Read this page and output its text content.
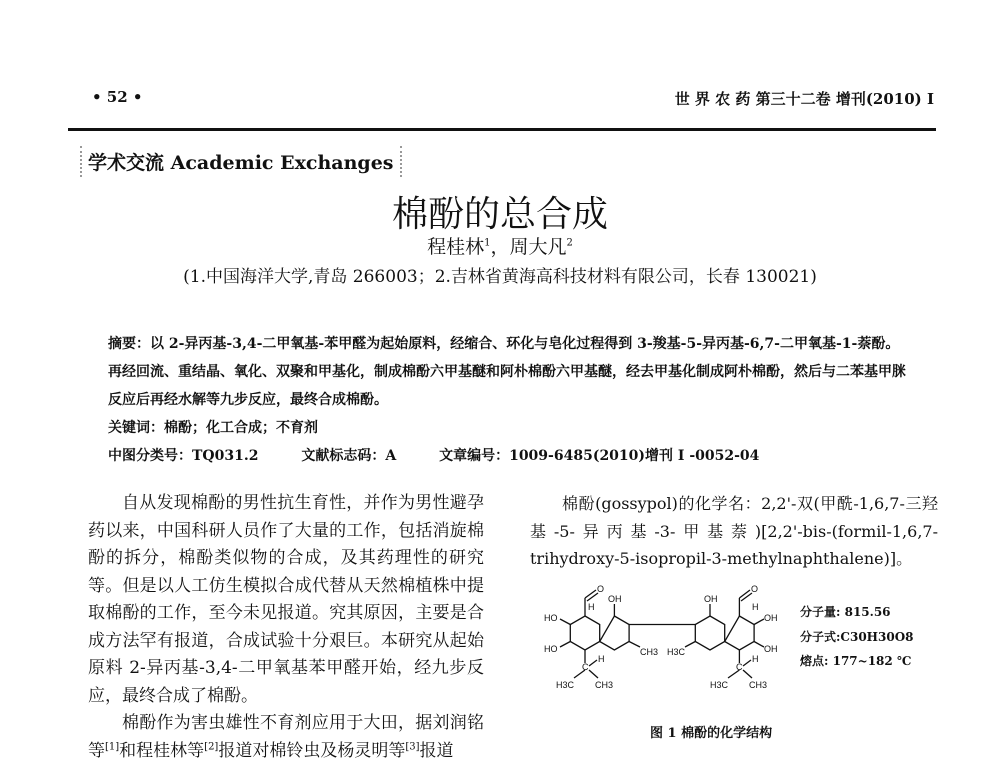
• 52 •	世 界 农 药 第三十二卷 增刊(2010) I
学术交流 Academic Exchanges
棉酚的总合成
程桂林$^1$，周大凡$^2$
(1.中国海洋大学,青岛 266003；2.吉林省黄海高科技材料有限公司，长春 130021)

摘要：以 2-异丙基-3,4-二甲氧基-苯甲醛为起始原料，经缩合、环化与皂化过程得到 3-羧基-5-异丙基-6,7-二甲氧基-1-萘酚。再经回流、重结晶、氧化、双聚和甲基化，制成棉酚六甲基醚和阿朴棉酚六甲基醚，经去甲基化制成阿朴棉酚，然后与二苯基甲脒反应后再经水解等九步反应，最终合成棉酚。

关键词：棉酚；化工合成；不育剂

中图分类号：TQ031.2	文献标志码：A	文章编号：1009-6485(2010)增刊 I -0052-04

自从发现棉酚的男性抗生育性，并作为男性避孕药以来，中国科研人员作了大量的工作，包括消旋棉酚的拆分，棉酚类似物的合成，及其药理性的研究等。但是以人工仿生模拟合成代替从天然棉植株中提取棉酚的工作，至今未见报道。究其原因，主要是合成方法罕有报道，合成试验十分艰巨。本研究从起始原料 2-异丙基-3,4-二甲氧基苯甲醛开始，经九步反应，最终合成了棉酚。

棉酚作为害虫雄性不育剂应用于大田，据刘润铭等[1]和程桂林等[2]报道对棉铃虫及杨灵明等[3]报道

棉酚(gossypol)的化学名：2,2'-双(甲酰-1,6,7-三羟基-5-异丙基-3-甲基萘)[2,2'-bis-(formil-1,6,7-trihydroxy-5-isopropil-3-methylnaphthalene)]。

O
H
OH
HO
HO	CH3
C
H
H3C CH3
OH
O
H
OH
OH
H3C
C
H
H3C CH3
分子量: 815.56
分子式:C30H30O8
熔点: 177~182 ℃
图 1 棉酚的化学结构
